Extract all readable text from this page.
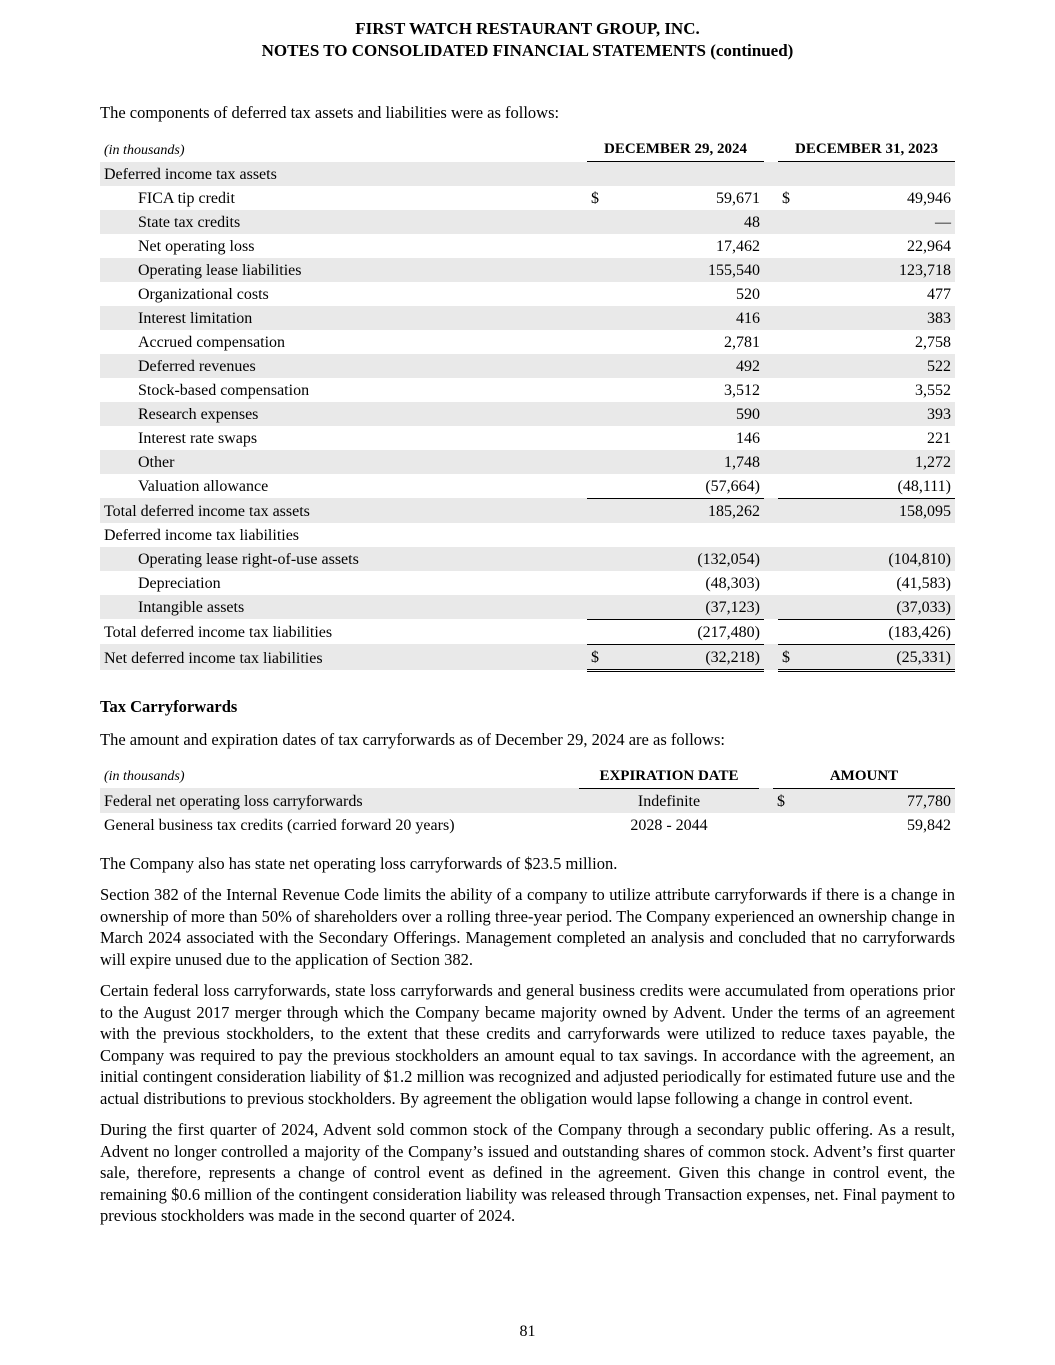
FIRST WATCH RESTAURANT GROUP, INC.
NOTES TO CONSOLIDATED FINANCIAL STATEMENTS (continued)

The components of deferred tax assets and liabilities were as follows:

(in thousands)	DECEMBER 29, 2024			DECEMBER 31, 2023	
Deferred income tax assets					
FICA tip credit	$	59,671		$	49,946
State tax credits		48			—
Net operating loss		17,462			22,964
Operating lease liabilities		155,540			123,718
Organizational costs		520			477
Interest limitation		416			383
Accrued compensation		2,781			2,758
Deferred revenues		492			522
Stock-based compensation		3,512			3,552
Research expenses		590			393
Interest rate swaps		146			221
Other		1,748			1,272
Valuation allowance		(57,664)			(48,111)
Total deferred income tax assets		185,262			158,095
Deferred income tax liabilities					
Operating lease right-of-use assets		(132,054)			(104,810)
Depreciation		(48,303)			(41,583)
Intangible assets		(37,123)			(37,033)
Total deferred income tax liabilities		(217,480)			(183,426)
Net deferred income tax liabilities	$	(32,218)		$	(25,331)
Tax Carryforwards

The amount and expiration dates of tax carryforwards as of December 29, 2024 are as follows:

(in thousands)	EXPIRATION DATE		AMOUNT	
Federal net operating loss carryforwards	Indefinite		$	77,780
General business tax credits (carried forward 20 years)	2028 - 2044			59,842

The Company also has state net operating loss carryforwards of $23.5 million.

Section 382 of the Internal Revenue Code limits the ability of a company to utilize attribute carryforwards if there is a change in ownership of more than 50% of shareholders over a rolling three-year period. The Company experienced an ownership change in March 2024 associated with the Secondary Offerings. Management completed an analysis and concluded that no carryforwards will expire unused due to the application of Section 382.

Certain federal loss carryforwards, state loss carryforwards and general business credits were accumulated from operations prior to the August 2017 merger through which the Company became majority owned by Advent. Under the terms of an agreement with the previous stockholders, to the extent that these credits and carryforwards were utilized to reduce taxes payable, the Company was required to pay the previous stockholders an amount equal to tax savings. In accordance with the agreement, an initial contingent consideration liability of $1.2 million was recognized and adjusted periodically for estimated future use and the actual distributions to previous stockholders. By agreement the obligation would lapse following a change in control event.

During the first quarter of 2024, Advent sold common stock of the Company through a secondary public offering. As a result, Advent no longer controlled a majority of the Company’s issued and outstanding shares of common stock. Advent’s first quarter sale, therefore, represents a change of control event as defined in the agreement. Given this change in control event, the remaining $0.6 million of the contingent consideration liability was released through Transaction expenses, net. Final payment to previous stockholders was made in the second quarter of 2024.

81
